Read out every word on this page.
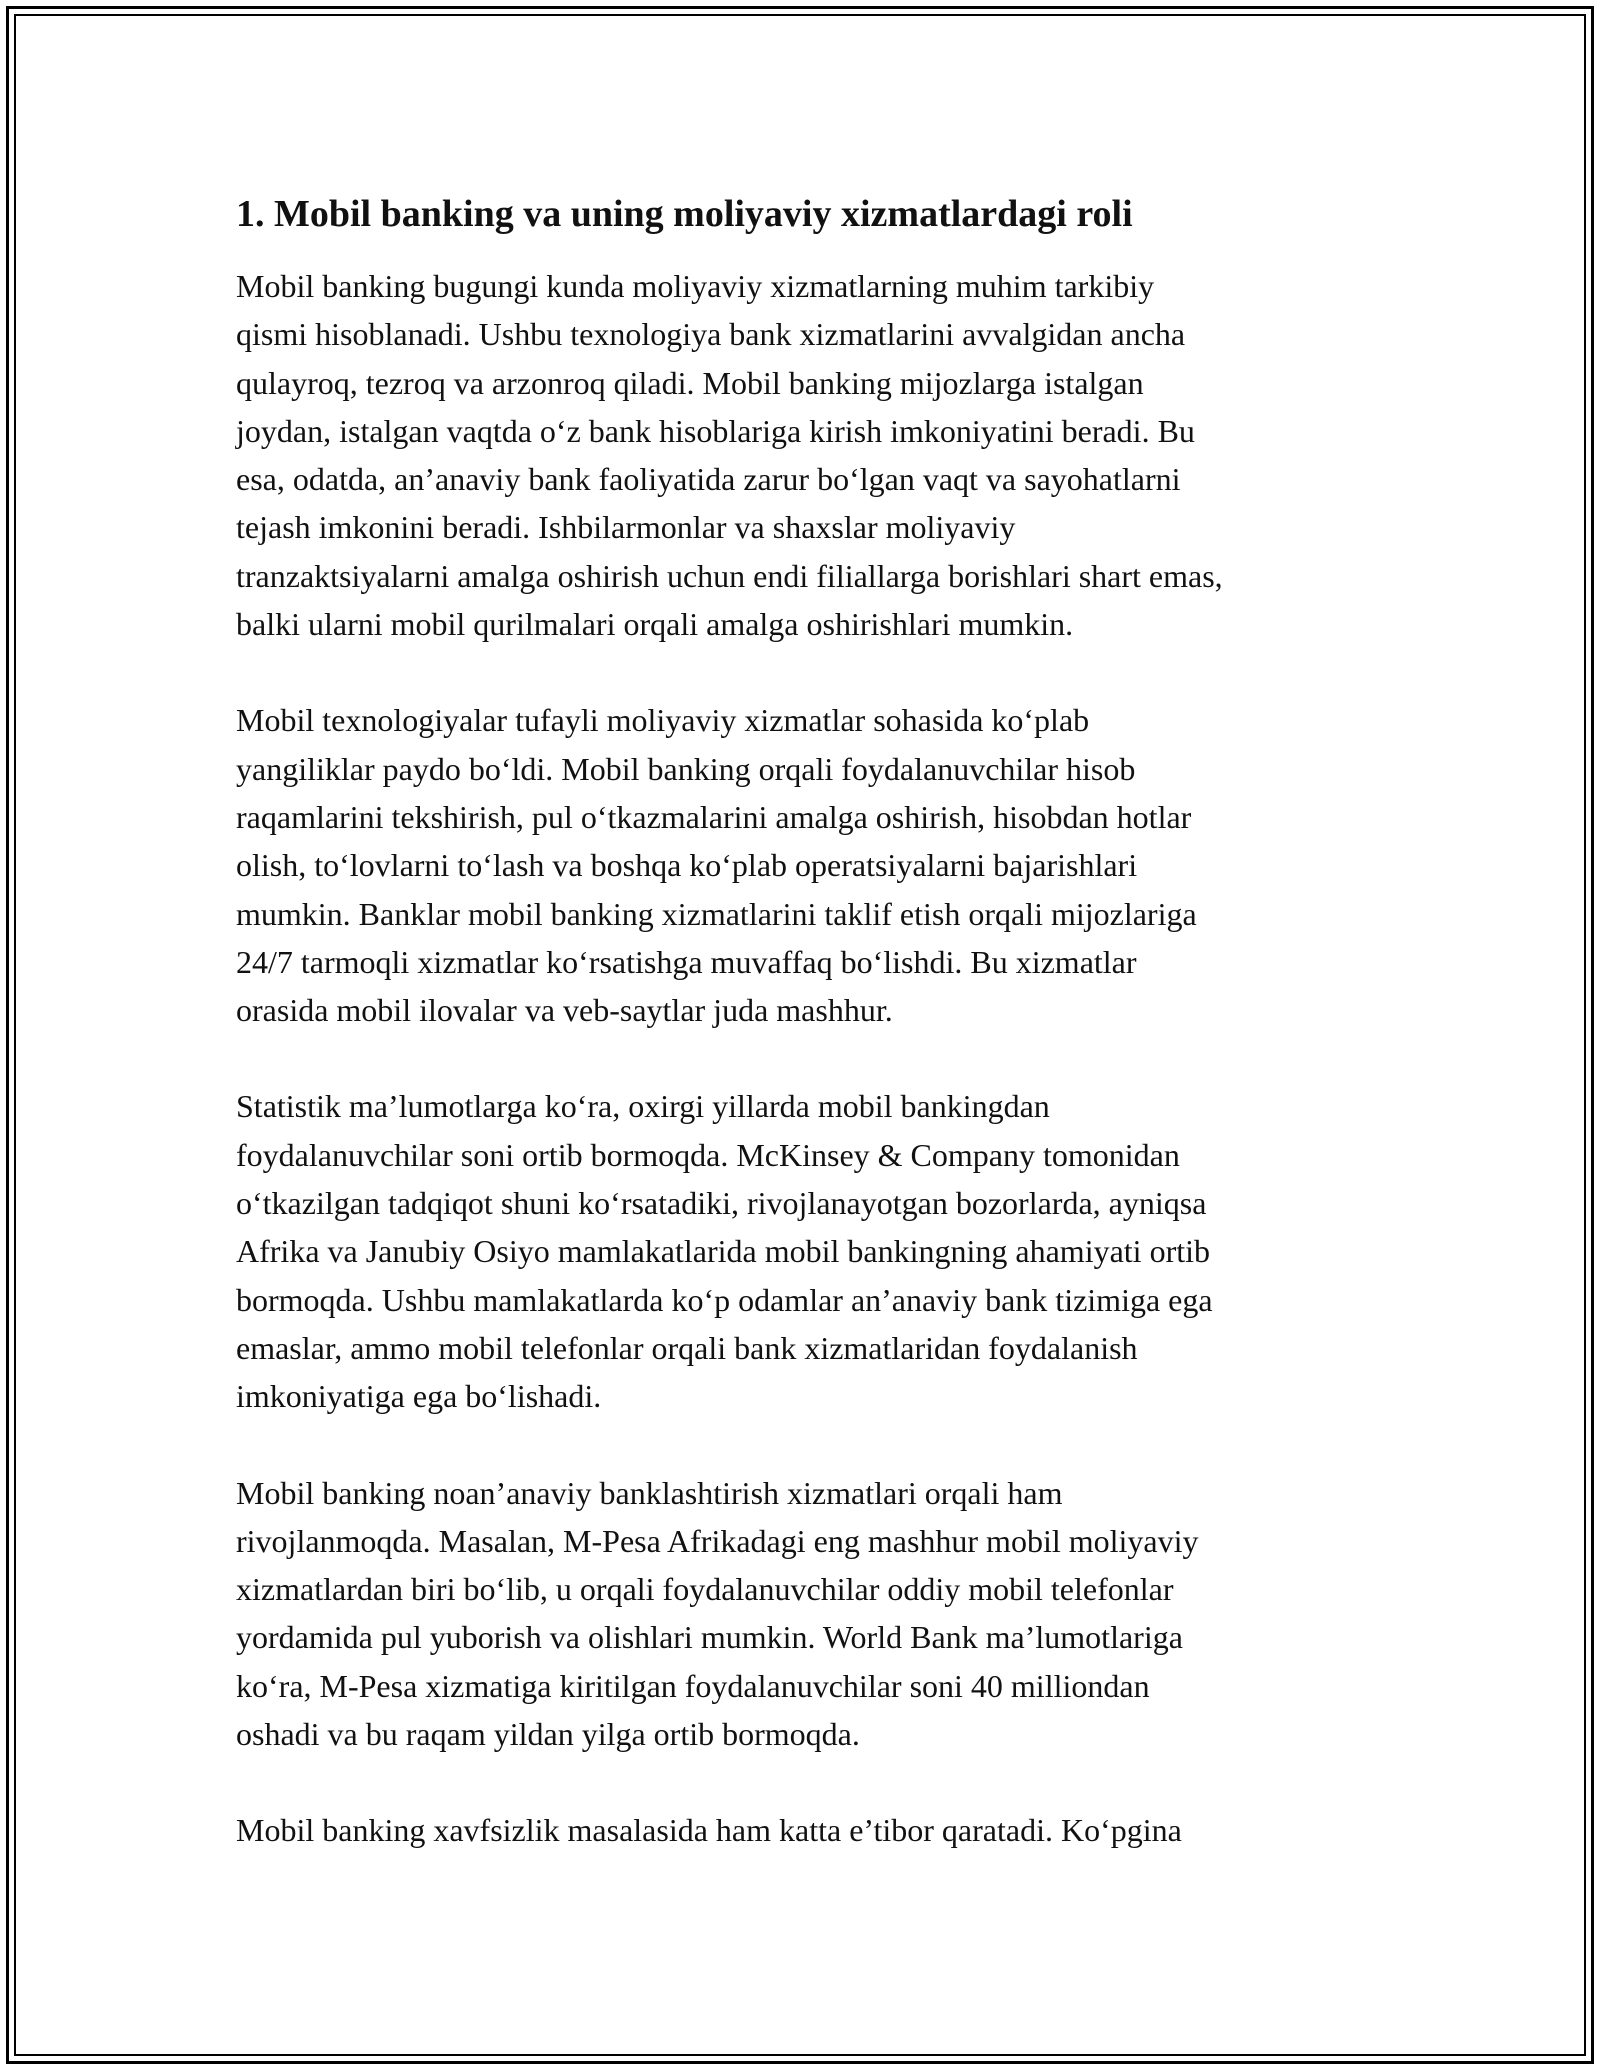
1. Mobil banking va uning moliyaviy xizmatlardagi roli

Mobil banking bugungi kunda moliyaviy xizmatlarning muhim tarkibiy
qismi hisoblanadi. Ushbu texnologiya bank xizmatlarini avvalgidan ancha
qulayroq, tezroq va arzonroq qiladi. Mobil banking mijozlarga istalgan
joydan, istalgan vaqtda o‘z bank hisoblariga kirish imkoniyatini beradi. Bu
esa, odatda, an’anaviy bank faoliyatida zarur bo‘lgan vaqt va sayohatlarni
tejash imkonini beradi. Ishbilarmonlar va shaxslar moliyaviy
tranzaktsiyalarni amalga oshirish uchun endi filiallarga borishlari shart emas,
balki ularni mobil qurilmalari orqali amalga oshirishlari mumkin.

Mobil texnologiyalar tufayli moliyaviy xizmatlar sohasida ko‘plab
yangiliklar paydo bo‘ldi. Mobil banking orqali foydalanuvchilar hisob
raqamlarini tekshirish, pul o‘tkazmalarini amalga oshirish, hisobdan hotlar
olish, to‘lovlarni to‘lash va boshqa ko‘plab operatsiyalarni bajarishlari
mumkin. Banklar mobil banking xizmatlarini taklif etish orqali mijozlariga
24/7 tarmoqli xizmatlar ko‘rsatishga muvaffaq bo‘lishdi. Bu xizmatlar
orasida mobil ilovalar va veb-saytlar juda mashhur.

Statistik ma’lumotlarga ko‘ra, oxirgi yillarda mobil bankingdan
foydalanuvchilar soni ortib bormoqda. McKinsey & Company tomonidan
o‘tkazilgan tadqiqot shuni ko‘rsatadiki, rivojlanayotgan bozorlarda, ayniqsa
Afrika va Janubiy Osiyo mamlakatlarida mobil bankingning ahamiyati ortib
bormoqda. Ushbu mamlakatlarda ko‘p odamlar an’anaviy bank tizimiga ega
emaslar, ammo mobil telefonlar orqali bank xizmatlaridan foydalanish
imkoniyatiga ega bo‘lishadi.

Mobil banking noan’anaviy banklashtirish xizmatlari orqali ham
rivojlanmoqda. Masalan, M-Pesa Afrikadagi eng mashhur mobil moliyaviy
xizmatlardan biri bo‘lib, u orqali foydalanuvchilar oddiy mobil telefonlar
yordamida pul yuborish va olishlari mumkin. World Bank ma’lumotlariga
ko‘ra, M-Pesa xizmatiga kiritilgan foydalanuvchilar soni 40 milliondan
oshadi va bu raqam yildan yilga ortib bormoqda.

Mobil banking xavfsizlik masalasida ham katta e’tibor qaratadi. Ko‘pgina
